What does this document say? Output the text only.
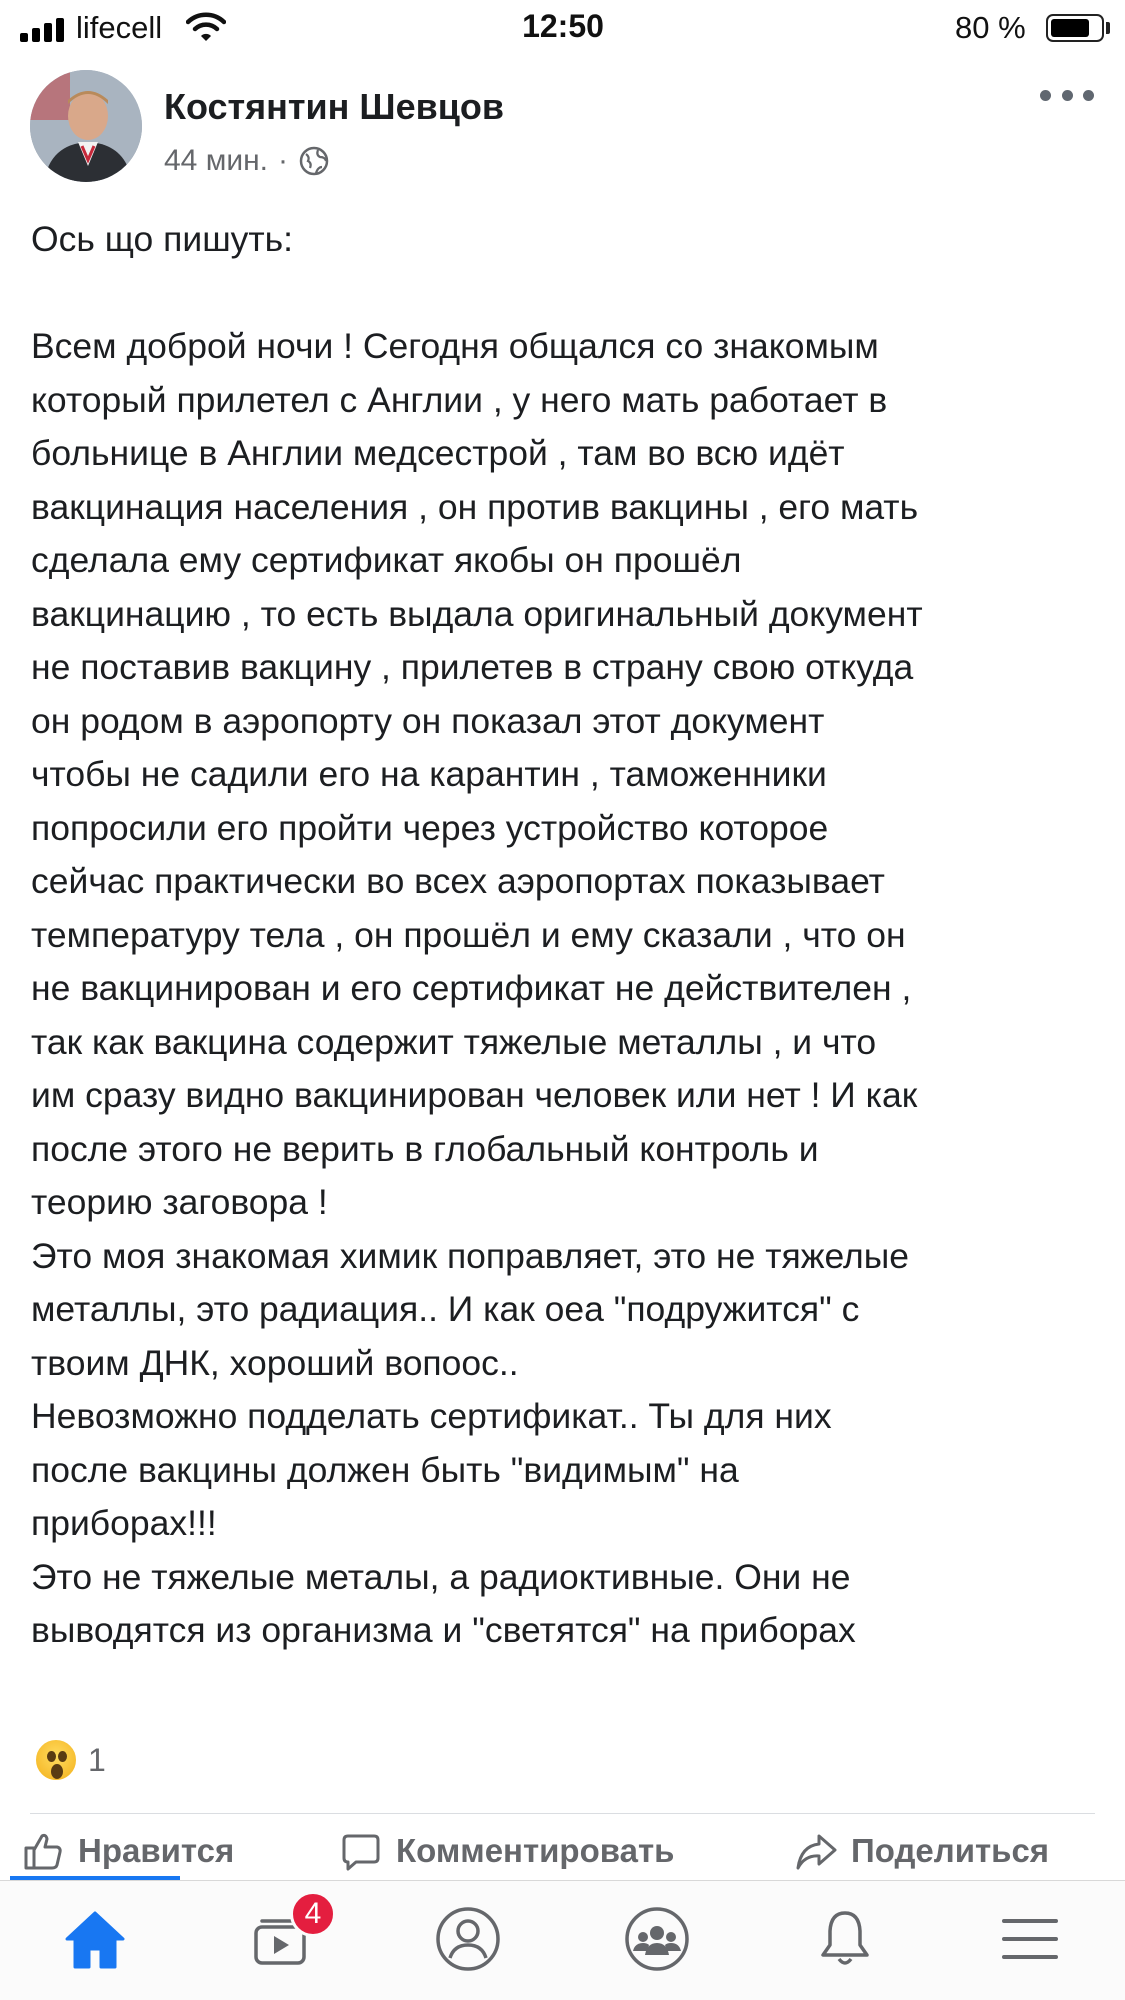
lifecell	12:50	80 %
Костянтин Шевцов
44 мин. ·
Ось що пишуть:
Всем доброй ночи ! Сегодня общался со знакомым
который прилетел с Англии , у него мать работает в
больнице в Англии медсестрой , там во всю идёт
вакцинация населения , он против вакцины , его мать
сделала ему сертификат якобы он прошёл
вакцинацию , то есть выдала оригинальный документ
не поставив вакцину , прилетев в страну свою откуда
он родом в аэропорту он показал этот документ
чтобы не садили его на карантин , таможенники
попросили его пройти через устройство которое
сейчас практически во всех аэропортах показывает
температуру тела , он прошёл и ему сказали , что он
не вакцинирован и его сертификат не действителен ,
так как вакцина содержит тяжелые металлы , и что
им сразу видно вакцинирован человек или нет ! И как
после этого не верить в глобальный контроль и
теорию заговора !
Это моя знакомая химик поправляет, это не тяжелые
металлы, это радиация.. И как оеа "подружится" с
твоим ДНК, хороший вопоос..
Невозможно подделать сертификат.. Ты для них
после вакцины должен быть "видимым" на
приборах!!!
Это не тяжелые металы, а радиоктивные. Они не
выводятся из организма и "светятся" на приборах
1
Нравится	Комментировать	Поделиться
4
